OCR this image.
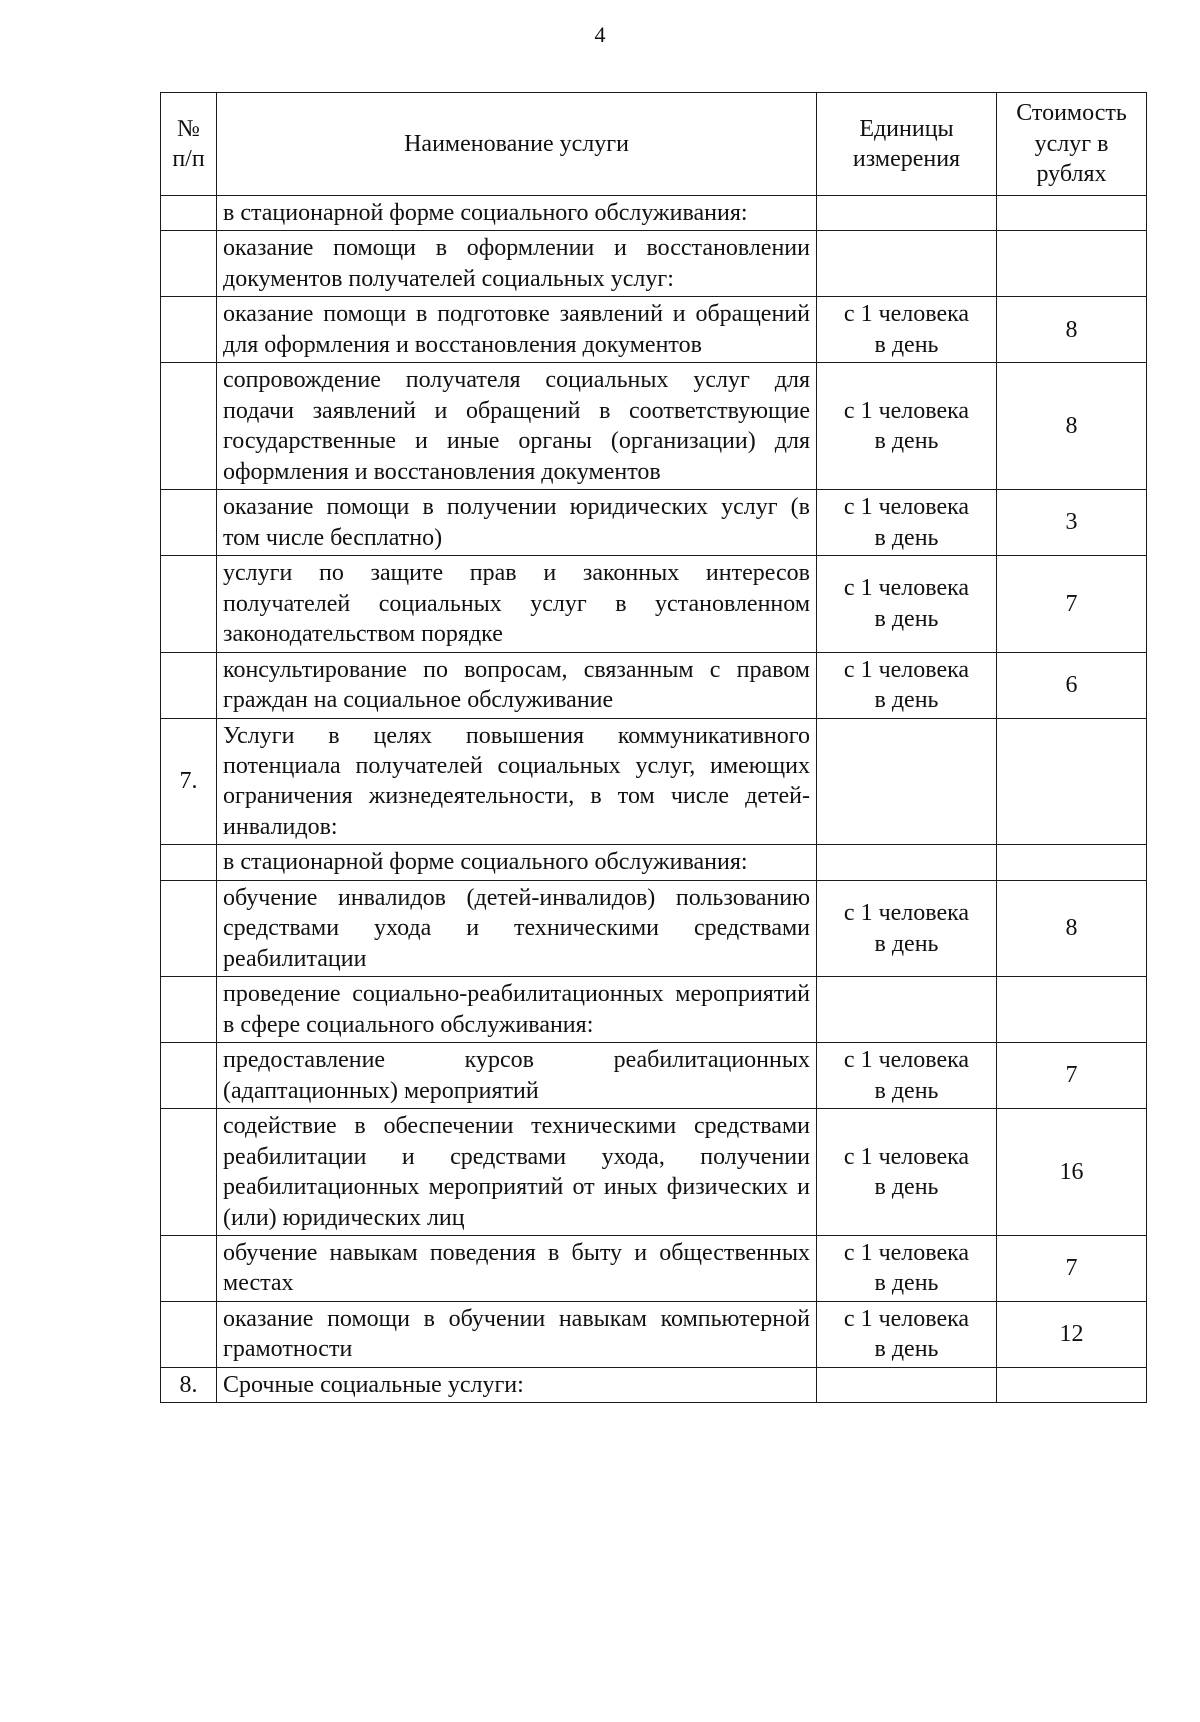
4
№ п/п	Наименование услуги	Единицы измерения	Стоимость услуг в рублях
	в стационарной форме социального обслуживания:	

	оказание помощи в оформлении и восстановлении документов получателей социальных услуг:	

	оказание помощи в подготовке заявлений и обращений для оформления и восстановления документов	с 1 человека
в день	8
	сопровождение получателя социальных услуг для подачи заявлений и обращений в соответствующие государственные и иные органы (организации) для оформления и восстановления документов	с 1 человека
в день	8
	оказание помощи в получении юридических услуг (в том числе бесплатно)	с 1 человека
в день	3
	услуги по защите прав и законных интересов получателей социальных услуг в установленном законодательством порядке	с 1 человека
в день	7
	консультирование по вопросам, связанным с правом граждан на социальное обслуживание	с 1 человека
в день	6
7.	Услуги в целях повышения коммуникативного потенциала получателей социальных услуг, имеющих ограничения жизнедеятельности, в том числе детей-инвалидов:	

	в стационарной форме социального обслуживания:	

	обучение инвалидов (детей-инвалидов) пользованию средствами ухода и техническими средствами реабилитации	с 1 человека
в день	8
	проведение социально-реабилитационных мероприятий в сфере социального обслуживания:	

	предоставление курсов реабилитационных (адаптационных) мероприятий	с 1 человека
в день	7
	содействие в обеспечении техническими средствами реабилитации и средствами ухода, получении реабилитационных мероприятий от иных физических и (или) юридических лиц	с 1 человека
в день	16
	обучение навыкам поведения в быту и общественных местах	с 1 человека
в день	7
	оказание помощи в обучении навыкам компьютерной грамотности	с 1 человека
в день	12
8.	Срочные социальные услуги:	
